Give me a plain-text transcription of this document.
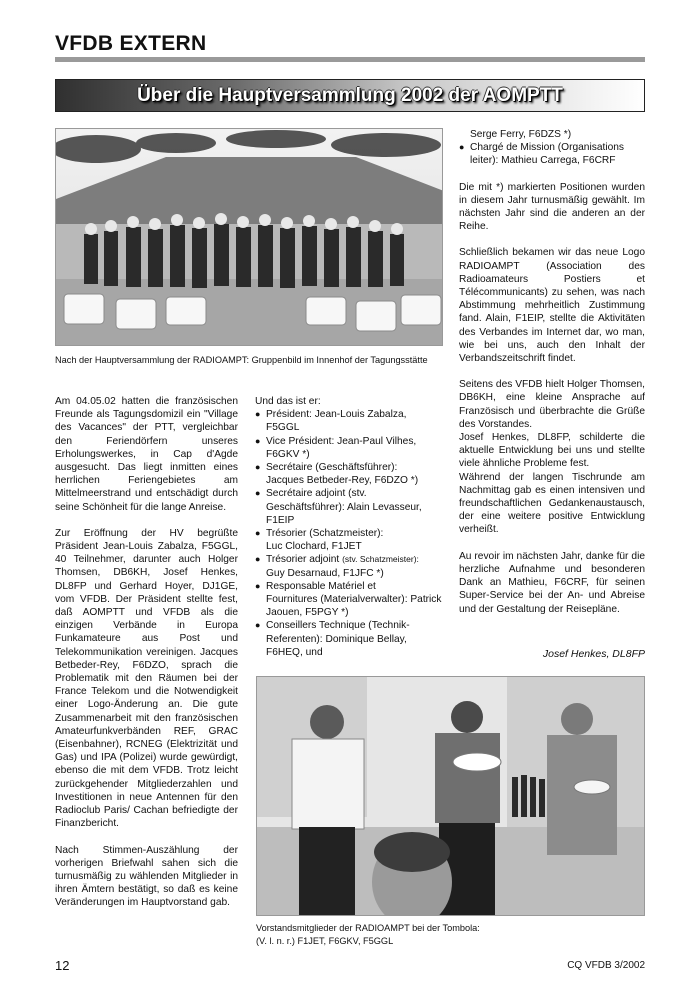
VFDB EXTERN
Über die Hauptversammlung 2002 der AOMPTT
Nach der Hauptversammlung der RADIOAMPT: Gruppenbild im Innenhof der Tagungsstätte

Am 04.05.02 hatten die französischen Freunde als Tagungsdomizil ein "Village des Vacances" der PTT, vergleichbar den Feriendörfern unseres Erholungswerkes, in Cap d'Agde ausgesucht. Das liegt inmitten eines herrlichen Feriengebietes am Mittelmeerstrand und entschädigt durch seine Schönheit für die lange Anreise.

Zur Eröffnung der HV begrüßte Präsident Jean-Louis Zabalza, F5GGL, 40 Teilnehmer, darunter auch Holger Thomsen, DB6KH, Josef Henkes, DL8FP und Gerhard Hoyer, DJ1GE, vom VFDB. Der Präsident stellte fest, daß AOMPTT und VFDB als die einzigen Verbände in Europa Funkamateure aus Post und Telekommunikation vereinigen. Jacques Betbeder-Rey, F6DZO, sprach die Problematik mit den Räumen bei der France Telekom und die Notwendigkeit einer Logo-Änderung an. Die gute Zusammenarbeit mit den französischen Amateurfunkverbänden REF, GRAC (Eisenbahner), RCNEG (Elektrizität und Gas) und IPA (Polizei) wurde gewürdigt, ebenso die mit dem VFDB. Trotz leicht zurückgehender Mitgliederzahlen und Investitionen in neue Antennen für den Radioclub Paris/ Cachan befriedigte der Finanzbericht.

Nach Stimmen-Auszählung der vorherigen Briefwahl sahen sich die turnusmäßig zu wählenden Mitglieder in ihren Ämtern bestätigt, so daß es keine Veränderungen im Hauptvorstand gab.

Und das ist er:
● Président: Jean-Louis Zabalza,
F5GGL
● Vice Président: Jean-Paul Vilhes,
F6GKV *)
● Secrétaire (Geschäftsführer):
Jacques Betbeder-Rey, F6DZO *)
● Secrétaire adjoint (stv.
Geschäftsführer): Alain Levasseur, F1EIP
● Trésorier (Schatzmeister):
Luc Clochard, F1JET
● Trésorier adjoint (stv. Schatzmeister):
Guy Desarnaud, F1JFC *)
● Responsable Matériel et
Fournitures (Materialverwalter): Patrick Jaouen, F5PGY *)
● Conseillers Technique (Technik-
Referenten): Dominique Bellay,    F6HEQ, und
Serge Ferry, F6DZS *)
● Chargé de Mission (Organisations
leiter): Mathieu Carrega, F6CRF

Die mit *) markierten Positionen wurden in diesem Jahr turnusmäßig gewählt. Im nächsten Jahr sind die anderen an der Reihe.

Schließlich bekamen wir das neue Logo RADIOAMPT (Association des Radioamateurs Postiers et Télécommunicants) zu sehen, was nach Abstimmung mehrheitlich Zustimmung fand. Alain, F1EIP, stellte die Aktivitäten des Verbandes im Internet dar, wo man, wie bei uns, auch den Inhalt der Verbandszeitschrift findet.

Seitens des VFDB hielt Holger Thomsen, DB6KH, eine kleine Ansprache auf Französisch und überbrachte die Grüße des Vorstandes.

Josef Henkes, DL8FP, schilderte die aktuelle Entwicklung bei uns und stellte viele ähnliche Probleme fest.

Während der langen Tischrunde am Nachmittag gab es einen intensiven und freundschaftlichen Gedankenaustausch, der eine weitere positive Entwicklung verheißt.

Au revoir im nächsten Jahr, danke für die herzliche Aufnahme und besonderen Dank an Mathieu, F6CRF, für seinen Super-Service bei der An- und Abreise und der Gestaltung der Reisepläne.

Josef Henkes, DL8FP
Vorstandsmitglieder der RADIOAMPT bei der Tombola:
(V. l. n. r.) F1JET, F6GKV, F5GGL
12	CQ VFDB 3/2002
